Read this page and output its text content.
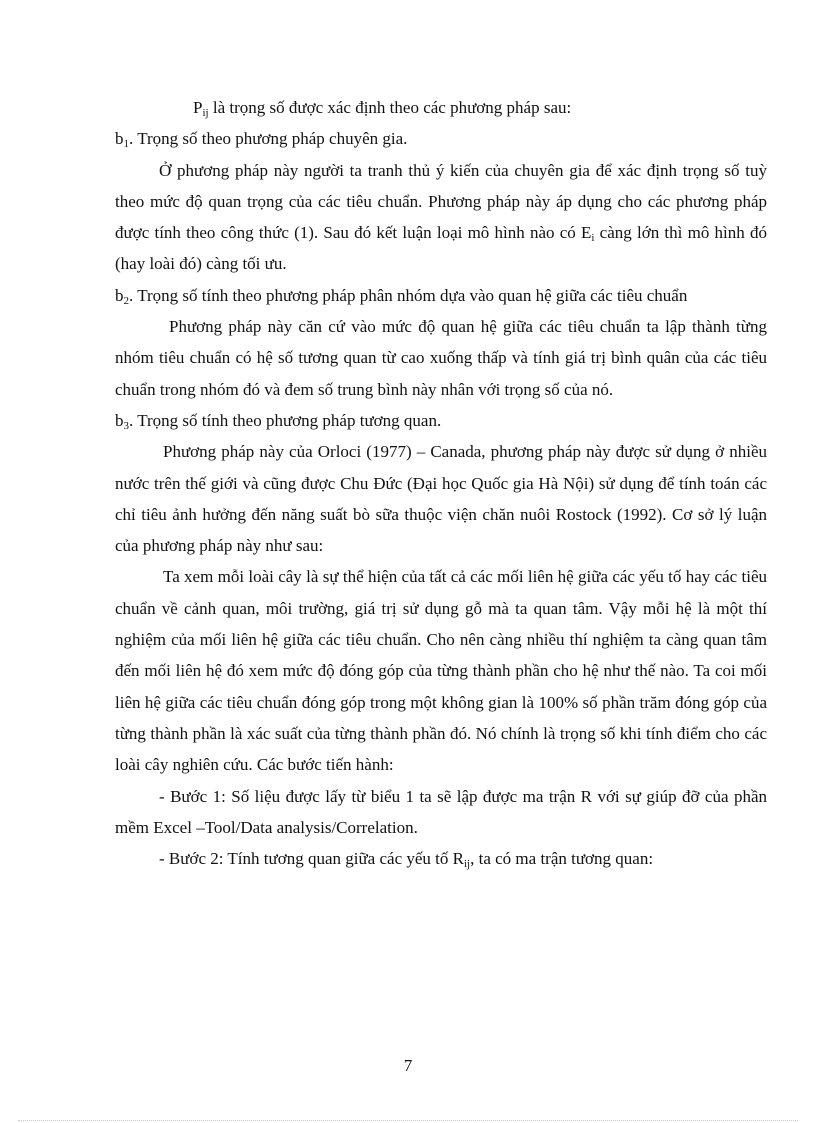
$P_{ij}$ là trọng số được xác định theo các phương pháp sau:

$b_1$. Trọng số theo phương pháp chuyên gia.

Ở phương pháp này người ta tranh thủ ý kiến của chuyên gia để xác định trọng số tuỳ theo mức độ quan trọng của các tiêu chuẩn. Phương pháp này áp dụng cho các phương pháp được tính theo công thức (1). Sau đó kết luận loại mô hình nào có $E_i$ càng lớn thì mô hình đó (hay loài đó) càng tối ưu.

$b_2$. Trọng số tính theo phương pháp phân nhóm dựa vào quan hệ giữa các tiêu chuẩn

Phương pháp này căn cứ vào mức độ quan hệ giữa các tiêu chuẩn ta lập thành từng nhóm tiêu chuẩn có hệ số tương quan từ cao xuống thấp và tính giá trị bình quân của các tiêu chuẩn trong nhóm đó và đem số trung bình này nhân với trọng số của nó.

$b_3$. Trọng số tính theo phương pháp tương quan.

Phương pháp này của Orloci (1977) – Canada, phương pháp này được sử dụng ở nhiều nước trên thế giới và cũng được Chu Đức (Đại học Quốc gia Hà Nội) sử dụng để tính toán các chỉ tiêu ảnh hưởng đến năng suất bò sữa thuộc viện chăn nuôi Rostock (1992). Cơ sở lý luận của phương pháp này như sau:

Ta xem mỗi loài cây là sự thể hiện của tất cả các mối liên hệ giữa các yếu tố hay các tiêu chuẩn về cảnh quan, môi trường, giá trị sử dụng gỗ mà ta quan tâm. Vậy mỗi hệ là một thí nghiệm của mối liên hệ giữa các tiêu chuẩn. Cho nên càng nhiều thí nghiệm ta càng quan tâm đến mối liên hệ đó xem mức độ đóng góp của từng thành phần cho hệ như thế nào. Ta coi mối liên hệ giữa các tiêu chuẩn đóng góp trong một không gian là 100% số phần trăm đóng góp của từng thành phần là xác suất của từng thành phần đó. Nó chính là trọng số khi tính điểm cho các loài cây nghiên cứu. Các bước tiến hành:

- Bước 1: Số liệu được lấy từ biểu 1 ta sẽ lập được ma trận R với sự giúp đỡ của phần mềm Excel –Tool/Data analysis/Correlation.

- Bước 2: Tính tương quan giữa các yếu tố $R_{ij}$, ta có ma trận tương quan:

7
